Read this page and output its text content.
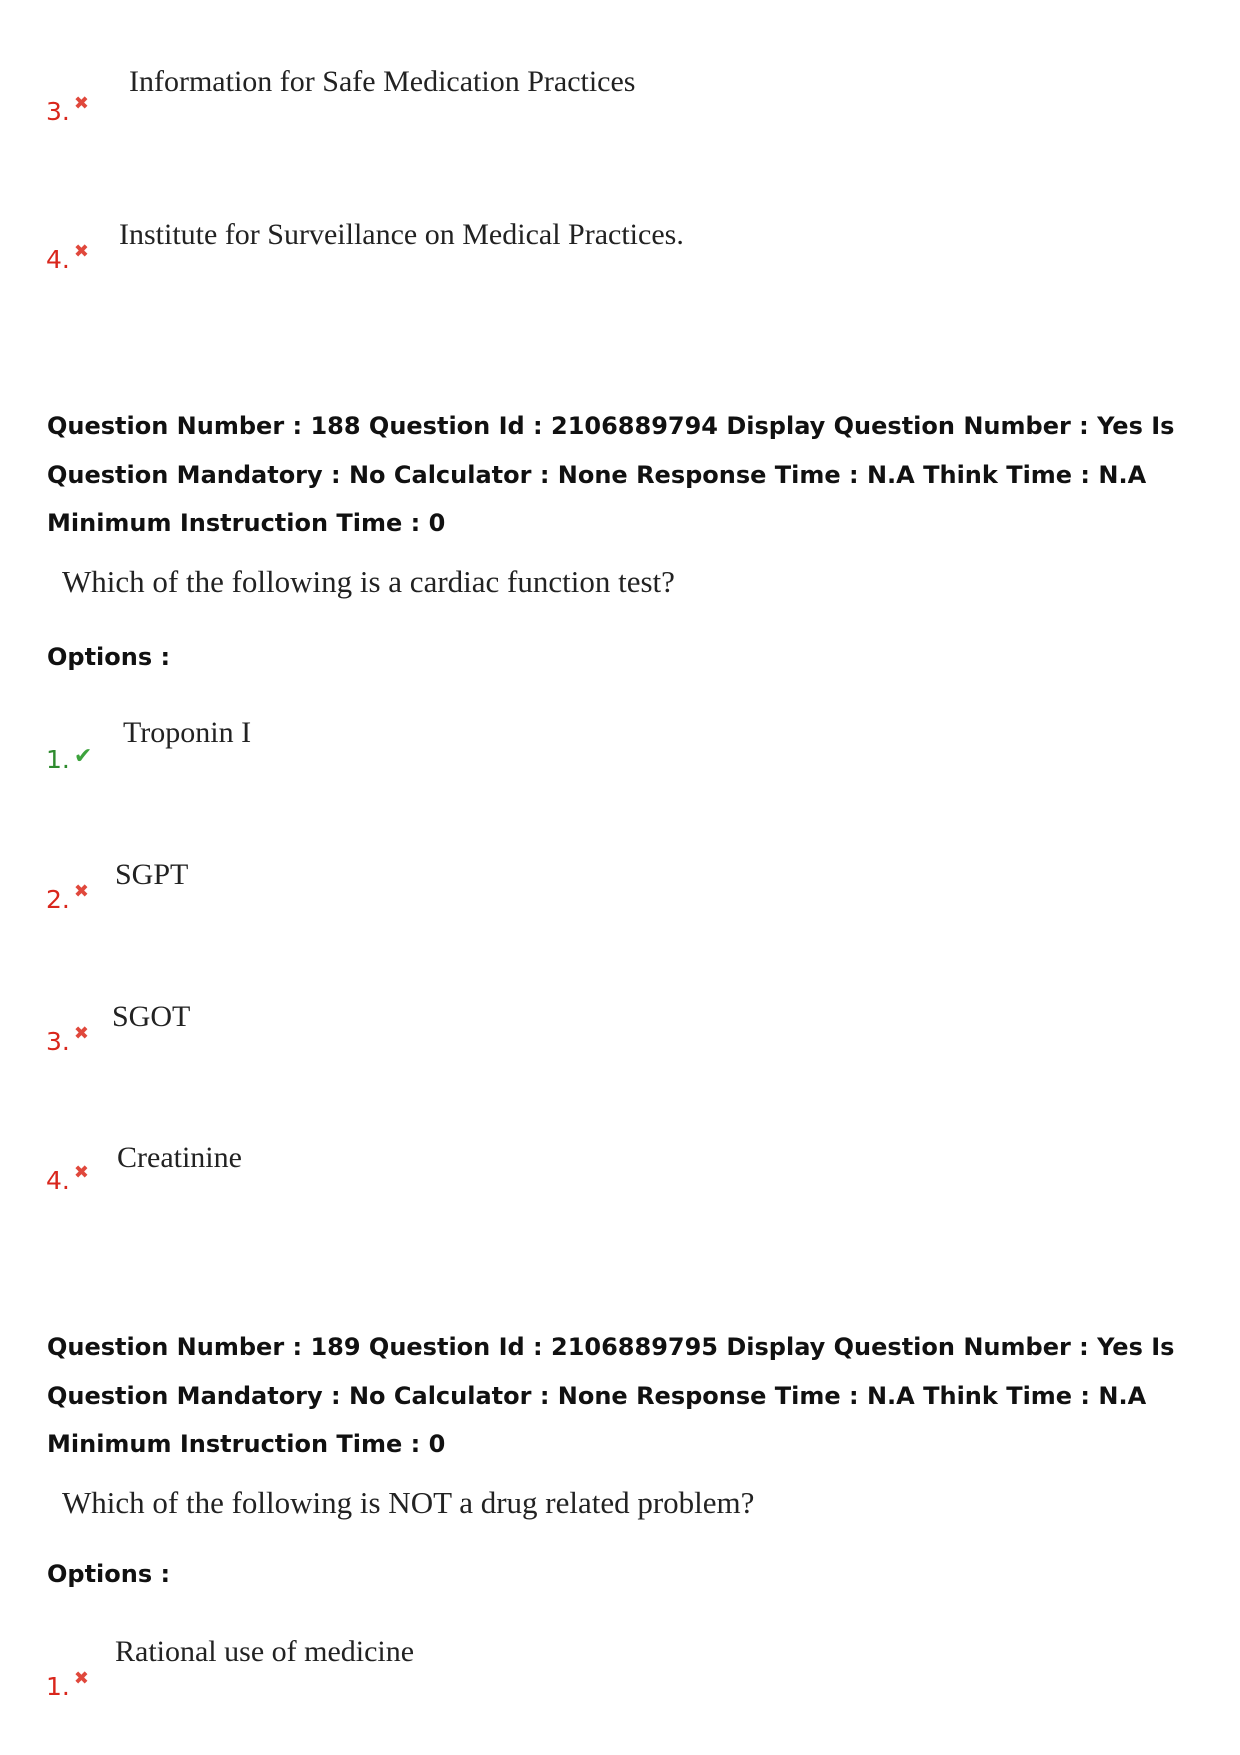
Information for Safe Medication Practices
3. ✖
Institute for Surveillance on Medical Practices.
4. ✖
Question Number : 188 Question Id : 2106889794 Display Question Number : Yes Is Question Mandatory : No Calculator : None Response Time : N.A Think Time : N.A Minimum Instruction Time : 0
Which of the following is a cardiac function test?
Options :
Troponin I
1. ✔
SGPT
2. ✖
SGOT
3. ✖
Creatinine
4. ✖
Question Number : 189 Question Id : 2106889795 Display Question Number : Yes Is Question Mandatory : No Calculator : None Response Time : N.A Think Time : N.A Minimum Instruction Time : 0
Which of the following is NOT a drug related problem?
Options :
Rational use of medicine
1. ✖
